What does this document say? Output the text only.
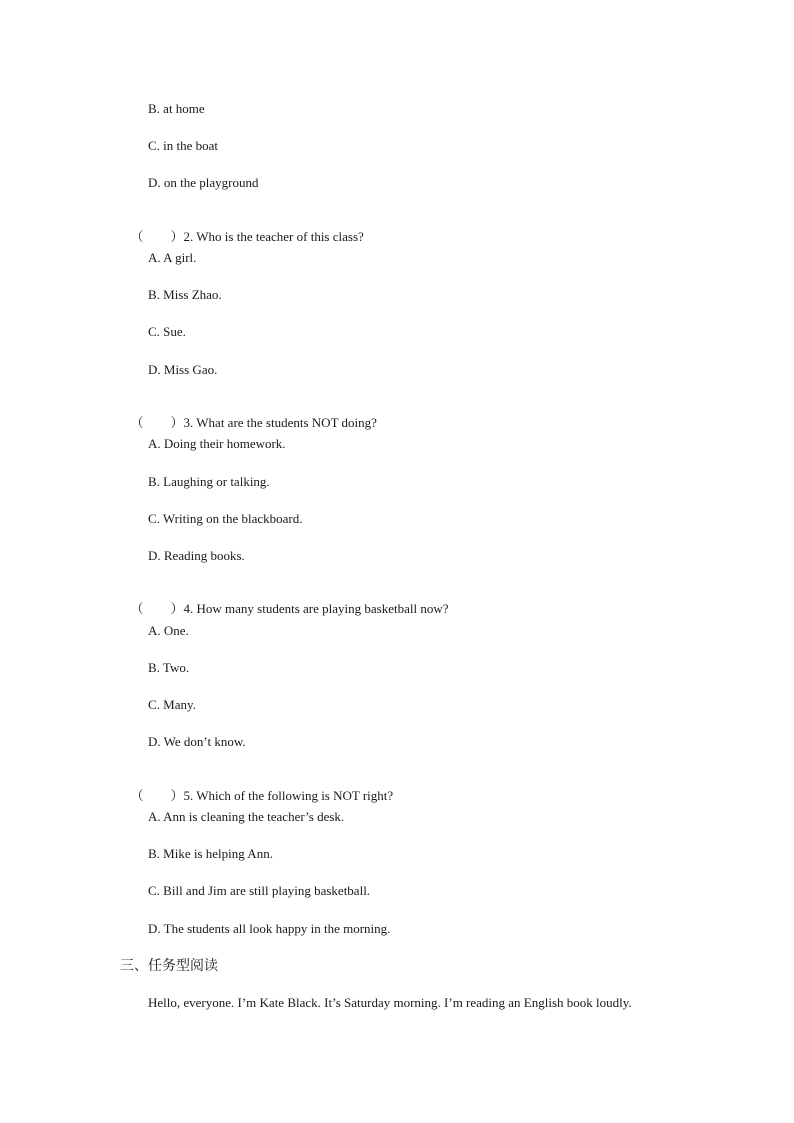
B. at home
C. in the boat
D. on the playground

（ ）2. Who is the teacher of this class?

A. A girl.
B. Miss Zhao.
C. Sue.
D. Miss Gao.

（ ）3. What are the students NOT doing?

A. Doing their homework.
B. Laughing or talking.
C. Writing on the blackboard.
D. Reading books.

（ ）4. How many students are playing basketball now?

A. One.
B. Two.
C. Many.
D. We don’t know.

（ ）5. Which of the following is NOT right?

A. Ann is cleaning the teacher’s desk.
B. Mike is helping Ann.
C. Bill and Jim are still playing basketball.
D. The students all look happy in the morning.
三、任务型阅读
Hello, everyone. I’m Kate Black. It’s Saturday morning. I’m reading an English book loudly.
